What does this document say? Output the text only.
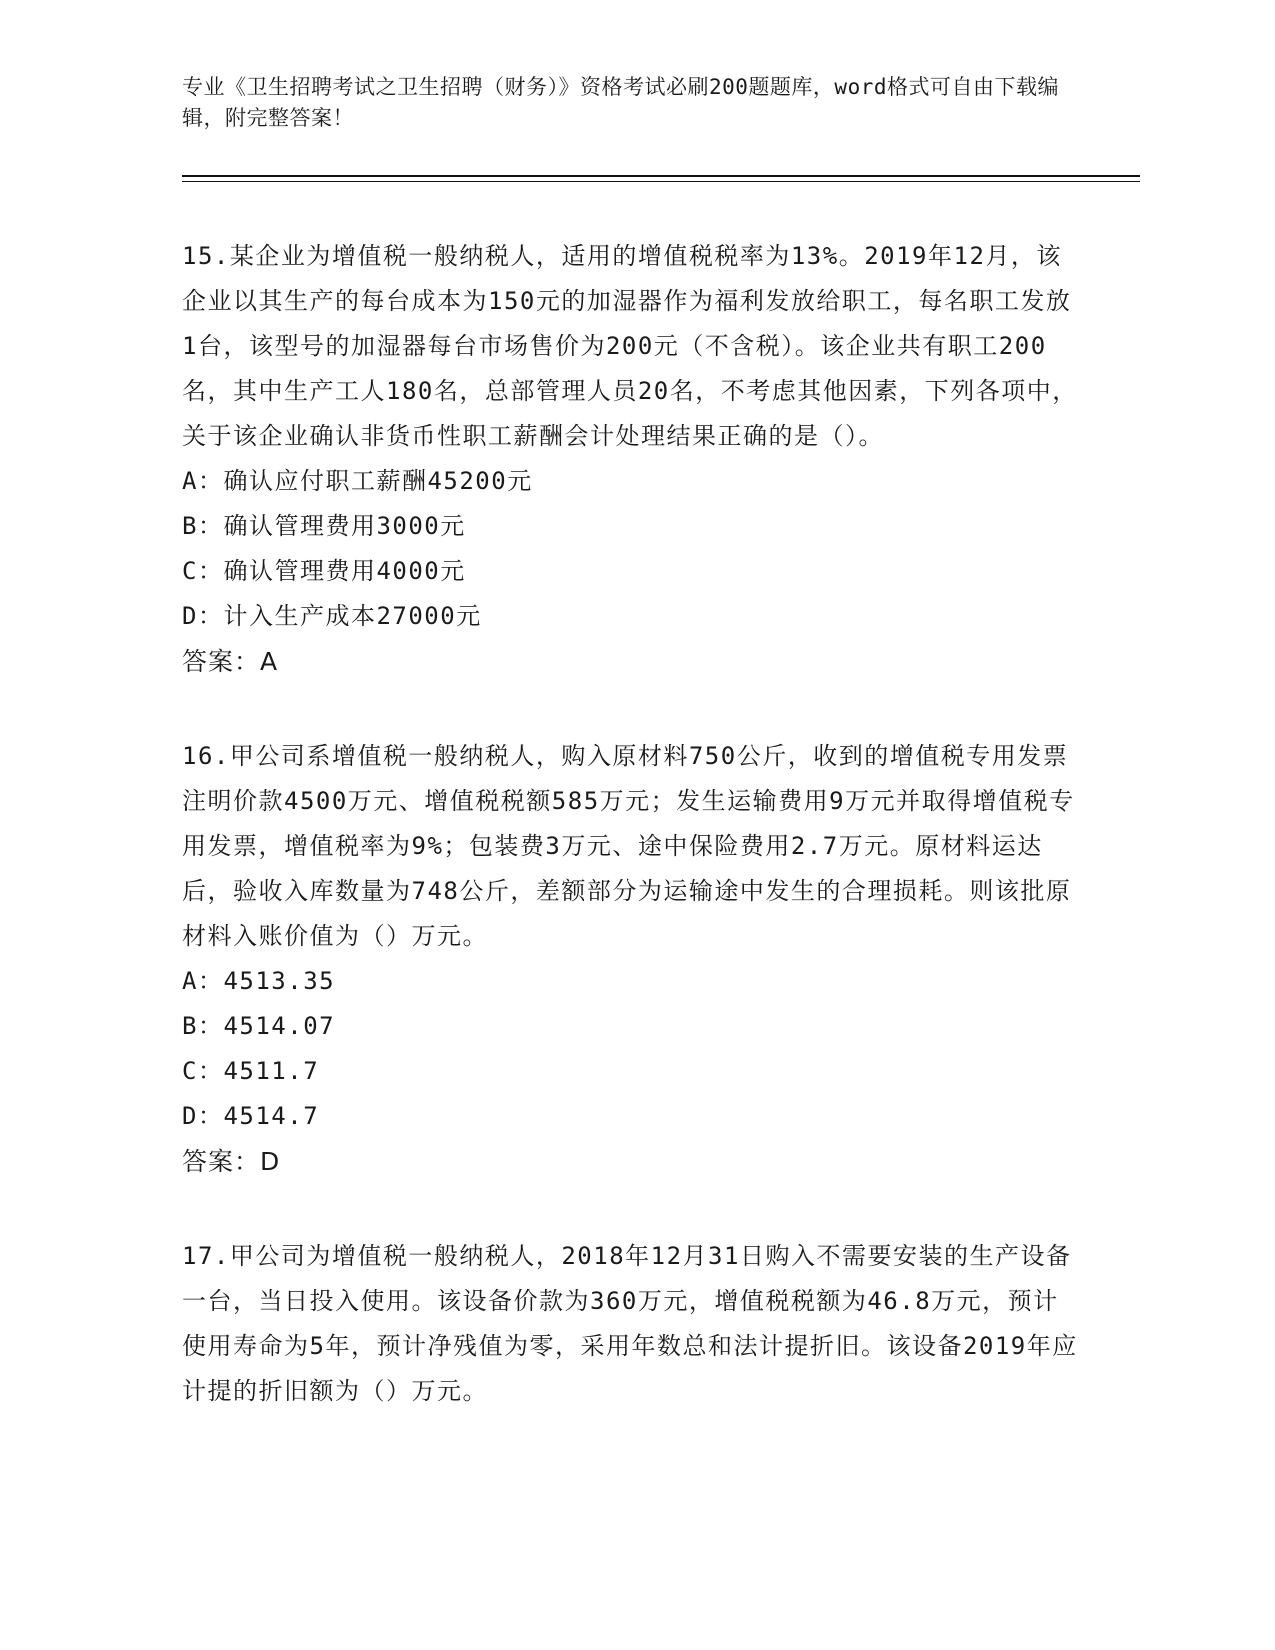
专业《卫生招聘考试之卫生招聘（财务）》资格考试必刷200题题库，word格式可自由下载编辑，附完整答案！

15.某企业为增值税一般纳税人，适用的增值税税率为13%。2019年12月，该企业以其生产的每台成本为150元的加湿器作为福利发放给职工，每名职工发放1台，该型号的加湿器每台市场售价为200元（不含税）。该企业共有职工200名，其中生产工人180名，总部管理人员20名，不考虑其他因素，下列各项中，关于该企业确认非货币性职工薪酬会计处理结果正确的是（）。

A：确认应付职工薪酬45200元

B：确认管理费用3000元

C：确认管理费用4000元

D：计入生产成本27000元

答案：A

16.甲公司系增值税一般纳税人，购入原材料750公斤，收到的增值税专用发票注明价款4500万元、增值税税额585万元；发生运输费用9万元并取得增值税专用发票，增值税率为9%；包装费3万元、途中保险费用2.7万元。原材料运达后，验收入库数量为748公斤，差额部分为运输途中发生的合理损耗。则该批原材料入账价值为（）万元。

A：4513.35

B：4514.07

C：4511.7

D：4514.7

答案：D

17.甲公司为增值税一般纳税人，2018年12月31日购入不需要安装的生产设备一台，当日投入使用。该设备价款为360万元，增值税税额为46.8万元，预计使用寿命为5年，预计净残值为零，采用年数总和法计提折旧。该设备2019年应计提的折旧额为（）万元。
